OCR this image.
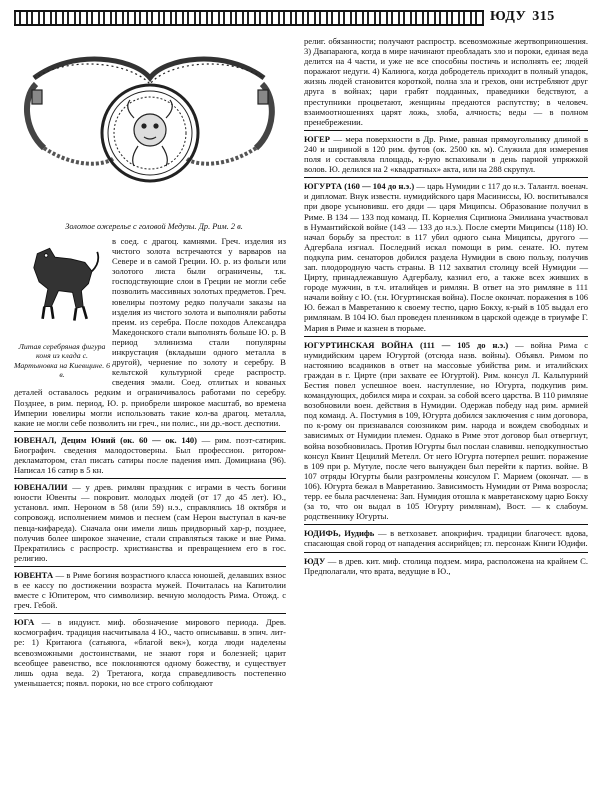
ЮДУ 315
Золотое ожерелье с головой Медузы. Др. Рим. 2 в.
Литая серебряная фигура коня из клада с. Мартыновка на Киевщине. 6 в.

в соед. с драгоц. камнями. Греч. изделия из чистого золота встречаются у варваров на Севере и в самой Греции. Ю. р. из фольги или золотого листа были ограничены, т.к. господствующие слои в Греции не могли себе позволить массивных золотых предметов. Греч. ювелиры поэтому редко получали заказы на изделия из чистого золота и выполняли работы преим. из серебра. После походов Александра Македонского стали выполнять больше Ю. р. В период эллинизма стали популярны инкрустация (вкладыши одного металла в другой), чернение по золоту и серебру. В кельтской культурной среде распростр. сведения эмали. Соед. отлитых и кованых деталей оставалось редким и ограничивалось работами по серебру. Позднее, в рим. период, Ю. р. приобрели широкое масштаб, во времена Империи ювелиры могли использовать такие кол-ва драгоц. металла, какие не могли себе позволить ни греч., ни полис., ни др.-вост. деспотии.

ЮВЕНАЛ, Децим Юний (ок. 60 — ок. 140) — рим. поэт-сатирик. Биографич. сведения малодостоверны. Был профессион. ритором-декламатором, стал писать сатиры после падения имп. Домициана (96). Написал 16 сатир в 5 кн.

ЮВЕНАЛИИ — у древ. римлян праздник с играми в честь богини юности Ювенты — покровит. молодых людей (от 17 до 45 лет). Ю., установл. имп. Нероном в 58 (или 59) н.э., справлялись 18 октября и сопровожд. исполнением мимов и песнем (сам Нерон выступал в кач-ве певца-кифареда). Сначала они имели лишь придворный хар-р, позднее, получив более широкое значение, стали справляться также и вне Рима. Прекратились с распростр. христианства и превращением его в гос. религию.

ЮВЕНТА — в Риме богиня возрастного класса юношей, делавших взнос в ее кассу по достижении возраста мужей. Почиталась на Капитолии вместе с Юпитером, что символизир. вечную молодость Рима. Отожд. с греч. Гебой.

ЮГА — в индуист. миф. обозначение мирового периода. Древ. космографич. традиция насчитывала 4 Ю., часто описывавш. в эпич. лит-ре: 1) Критаюга (сатьяюга, «благой век»), когда люди наделены всевозможными достоинствами, не знают горя и болезней; царит всеобщее равенство, все поклоняются одному божеству, и существует лишь одна веда. 2) Третаюга, когда справедливость постепенно уменьшается; появл. пороки, но все строго соблюдают

религ. обязанности; получают распростр. всевозможные жертвоприношения. 3) Двапараюга, когда в мире начинают преобладать зло и пороки, единая веда делится на 4 части, и уже не все способны постичь и исполнять ее; людей поражают недуги. 4) Калиюга, когда добродетель приходит в полный упадок, жизнь людей становится короткой, полна зла и грехов, они истребляют друг друга в войнах; цари грабят подданных, праведники бедствуют, а преступники процветают, женщины предаются распутству; в человеч. взаимоотношениях царят ложь, злоба, алчность; веды — в полном пренебрежении.

ЮГЕР — мера поверхности в Др. Риме, равная прямоугольнику длиной в 240 и шириной в 120 рим. футов (ок. 2500 кв. м). Служила для измерения поля и составляла площадь, к-рую вспахивали в день парной упряжкой волов. Ю. делился на 2 «квадратных» акта, или на 288 скрупул.

ЮГУРТА (160 — 104 до н.э.) — царь Нумидии с 117 до н.э. Талантл. военач. и дипломат. Внук известн. нумидийского царя Масиниссы, Ю. воспитывался при дворе усыновивш. его дяди — царя Миципсы. Образование получил в Риме. В 134 — 133 под команд. П. Корнелия Сципиона Эмилиана участвовал в Нумантийской войне (143 — 133 до н.э.). После смерти Миципсы (118) Ю. начал борьбу за престол: в 117 убил одного сына Миципсы, другого — Адгербала изгнал. Последний искал помощи в рим. сенате. Ю. путем подкупа рим. сенаторов добился раздела Нумидии в свою пользу, получив зап. плодородную часть страны. В 112 захватил столицу всей Нумидии — Цирту, принадлежавшую Адгербалу, казнил его, а также всех живших в городе мужчин, в т.ч. италийцев и римлян. В ответ на это римляне в 111 начали войну с Ю. (т.н. Югуртинская война). После окончат. поражения в 106 Ю. бежал в Мавретанию к своему тестю, царю Бокху, к-рый в 105 выдал его римлянам. В 104 Ю. был проведен пленником в царской одежде в триумфе Г. Мария в Риме и казнен в тюрьме.

ЮГУРТИНСКАЯ ВОЙНА (111 — 105 до н.э.) — война Рима с нумидийским царем Югуртой (отсюда назв. войны). Объявл. Римом по настоянию всадников в ответ на массовые убийства рим. и италийских граждан в г. Цирте (при захвате ее Югуртой). Рим. консул Л. Кальпурний Бестия повел успешное воен. наступление, но Югурта, подкупив рим. командующих, добился мира и сохран. за собой всего царства. В 110 римляне возобновили воен. действия в Нумидии. Одержав победу над рим. армией под команд. А. Постумия в 109, Югурта добился заключения с ним договора, по к-рому он признавался союзником рим. народа и вождем свободных и зависимых от Нумидии племен. Однако в Риме этот договор был отвергнут, война возобновилась. Против Югурты был послан славивш. неподкупностью консул Квинт Цецилий Метелл. От него Югурта потерпел решит. поражение в 109 при р. Мутуле, после чего вынужден был перейти к партиз. войне. В 107 отряды Югурты были разгромлены консулом Г. Марием (окончат. — в 106). Югурта бежал в Мавретанию. Зависимость Нумидии от Рима возросла; терр. ее была расчленена: Зап. Нумидия отошла к мавретанскому царю Бокху (за то, что он выдал в 105 Югурту римлянам), Вост. — к слабоум. родственнику Югурты.

ЮДИФЬ, Иудифь — в ветхозавет. апокрифич. традиции благочест. вдова, спасающая свой город от нападения ассирийцев; гл. персонаж Книги Юдифи.

ЮДУ — в древ. кит. миф. столица подзем. мира, расположена на крайнем С. Предполагали, что врата, ведущие в Ю.,
